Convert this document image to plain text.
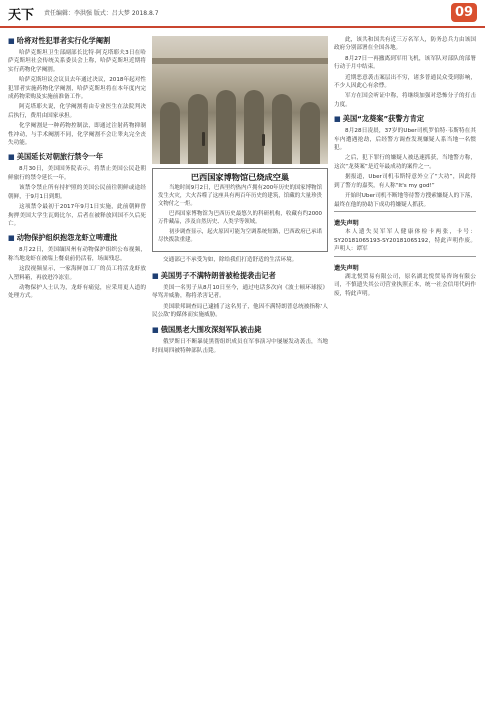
天下 责任编辑：李洪强 版式：吕大梦 2018.8.7	09
■ 哈将对性犯罪者实行化学阉割

哈萨克斯坦卫生部副部长比特·阿克塔耶夫3日在哈萨克斯坦社会传统关系委员会上称，哈萨克斯坦近期将实行药物化学阉割。

哈萨克斯坦议会议员去年通过决议，2018年起对性犯罪者实施药物化学阉割，哈萨克斯坦将在本年度内完成药物采购及实施前准备工作。

阿克塔耶夫说，化学阉割将由专业医生在法院判决后执行，费用由国家承担。

化学阉割是一种药物控制法，即通过注射药物抑制性冲动，与手术阉割不同，化学阉割不会让睾丸完全丧失功能。

■ 美国延长对朝旅行禁令一年

8月30日，美国国务院表示，将禁止美国公民赴朝鲜旅行的禁令延长一年。

该禁令禁止所有持护照的美国公民前往朝鲜或途经朝鲜，于9月1日到期。

这项禁令最初于2017年9月1日实施，此前朝鲜曾拘押美国大学生瓦姆比尔，后者在被释放回国不久后死亡。

■ 动物保护组织抱怨龙虾立啤遭批

8月22日，美国缅因州有动物保护组织公布视频，称当地龙虾在被端上餐桌前仍活着，场面残忍。

这段视频显示，一家海鲜加工厂的员工将活龙虾放入塑料箱，再放进冷冻室。

动物保护人士认为，龙虾有痛觉，应采用更人道的处理方式。

巴西国家博物馆已烧成空巢

当地时间9月2日，巴西里约热内卢拥有200年历史的国家博物馆发生火灾，大火吞噬了这座具有两百年历史的建筑，馆藏的大量珍贵文物付之一炬。

巴西国家博物馆为巴西历史最悠久的科研机构，收藏有约2000万件藏品，涉及自然历史、人类学等领域。

初步调查显示，起火原因可能为空调系统短路，巴西政府已承诺尽快拨款重建。

交通部已不承受为如，除给我们打造舒适的生活环境。

■ 美国男子不满特朗普被枪提袭击记者

美国一名男子从8月10日至今，通过电话多次向《波士顿环球报》辱骂并威胁，称将杀害记者。

美国联邦调查局已逮捕了这名男子，他因不满特朗普总统被指称‘人民公敌’的媒体而实施威胁。

■ 俄国黑老大围攻深刻军队被击毙

俄罗斯日不断暴徒黑帮组织成员在军事演习中屡屡发动袭击，当地时间周四被特种部队击毙。

此，该共和国共有近三万名军人，防务总兵力由该国政府分别部署在全国各地。

8月27日一再撤离到军用飞机，该军队对部队的部署行动于月中结束。

近期恶意袭击案层出不穷，诸多普通民众受到影响，不少人因此心有余悸。

军方在国会听证中称，将继续加强对恐怖分子的打击力度。

■ 美国“龙葵案”获警方肯定

8月28日凌晨，37岁的Uber司机罗伯特·韦斯特在其车内遭遇抢劫，后经警方调查发现嫌疑人系当地一名惯犯。

之后，犯下罪行的嫌疑人被迅速抓获，当地警方称，这次“龙葵案”是近年最成功的案件之一。

据报道，Uber司机韦斯特意外立了“大功”，因此得到了警方的嘉奖，有人称“It's my god!”

开始时Uber司机不断地等待警方搜索嫌疑人的下落，最终在他的协助下成功将嫌疑人抓获。

遗失声明

本人遗失吴军军人健康体检卡两张，卡号：SY20181065193-SY20181065192，特此声明作废。声明人：谭军

遗失声明

湖北悦贸易有限公司，原名湖北悦贸易咨询有限公司，不慎遗失其公司营业执照正本，统一社会信用代码作废，特此声明。
